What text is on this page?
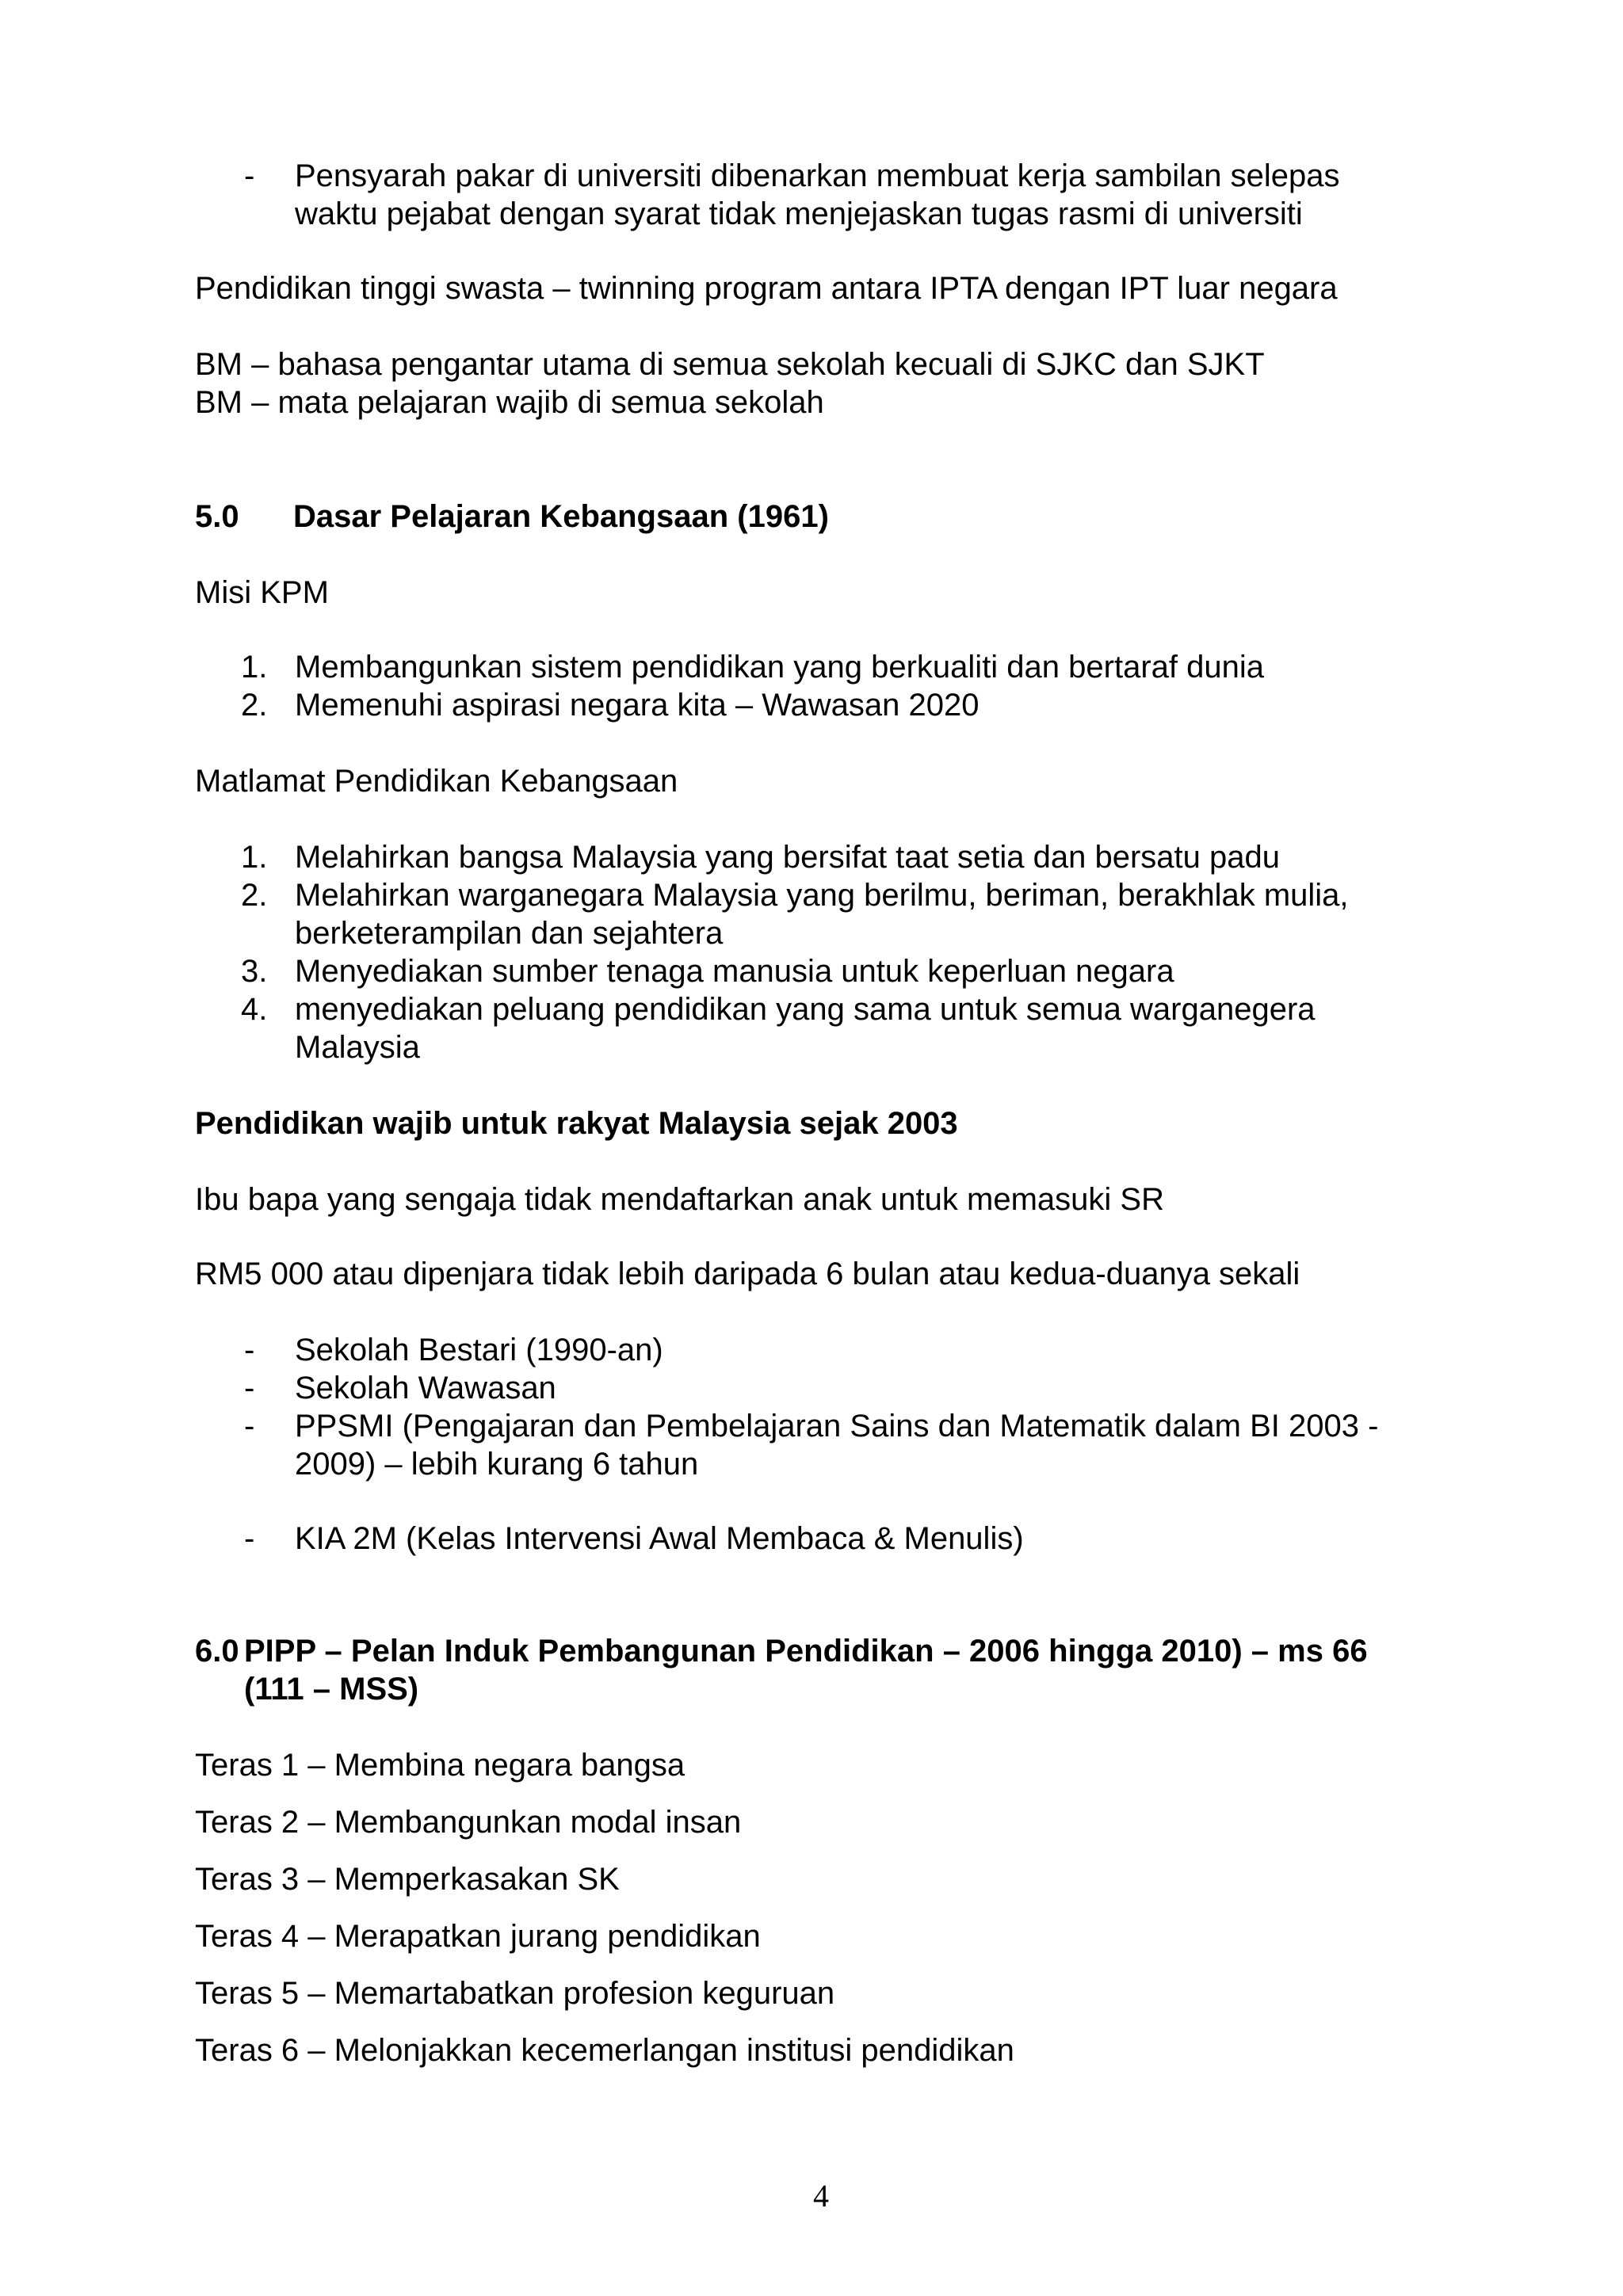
- Pensyarah pakar di universiti dibenarkan membuat kerja sambilan selepas
waktu pejabat dengan syarat tidak menjejaskan tugas rasmi di universiti
Pendidikan tinggi swasta – twinning program antara IPTA dengan IPT luar negara
BM – bahasa pengantar utama di semua sekolah kecuali di SJKC dan SJKT
BM – mata pelajaran wajib di semua sekolah
5.0 Dasar Pelajaran Kebangsaan (1961)
Misi KPM
1. Membangunkan sistem pendidikan yang berkualiti dan bertaraf dunia
2. Memenuhi aspirasi negara kita – Wawasan 2020
Matlamat Pendidikan Kebangsaan
1. Melahirkan bangsa Malaysia yang bersifat taat setia dan bersatu padu
2. Melahirkan warganegara Malaysia yang berilmu, beriman, berakhlak mulia,
berketerampilan dan sejahtera
3. Menyediakan sumber tenaga manusia untuk keperluan negara
4. menyediakan peluang pendidikan yang sama untuk semua warganegera
Malaysia
Pendidikan wajib untuk rakyat Malaysia sejak 2003
Ibu bapa yang sengaja tidak mendaftarkan anak untuk memasuki SR
RM5 000 atau dipenjara tidak lebih daripada 6 bulan atau kedua-duanya sekali
- Sekolah Bestari (1990-an)
- Sekolah Wawasan
- PPSMI (Pengajaran dan Pembelajaran Sains dan Matematik dalam BI 2003 -
2009) – lebih kurang 6 tahun
- KIA 2M (Kelas Intervensi Awal Membaca & Menulis)
6.0 PIPP – Pelan Induk Pembangunan Pendidikan – 2006 hingga 2010) – ms 66
(111 – MSS)
Teras 1 – Membina negara bangsa
Teras 2 – Membangunkan modal insan
Teras 3 – Memperkasakan SK
Teras 4 – Merapatkan jurang pendidikan
Teras 5 – Memartabatkan profesion keguruan
Teras 6 – Melonjakkan kecemerlangan institusi pendidikan
4
